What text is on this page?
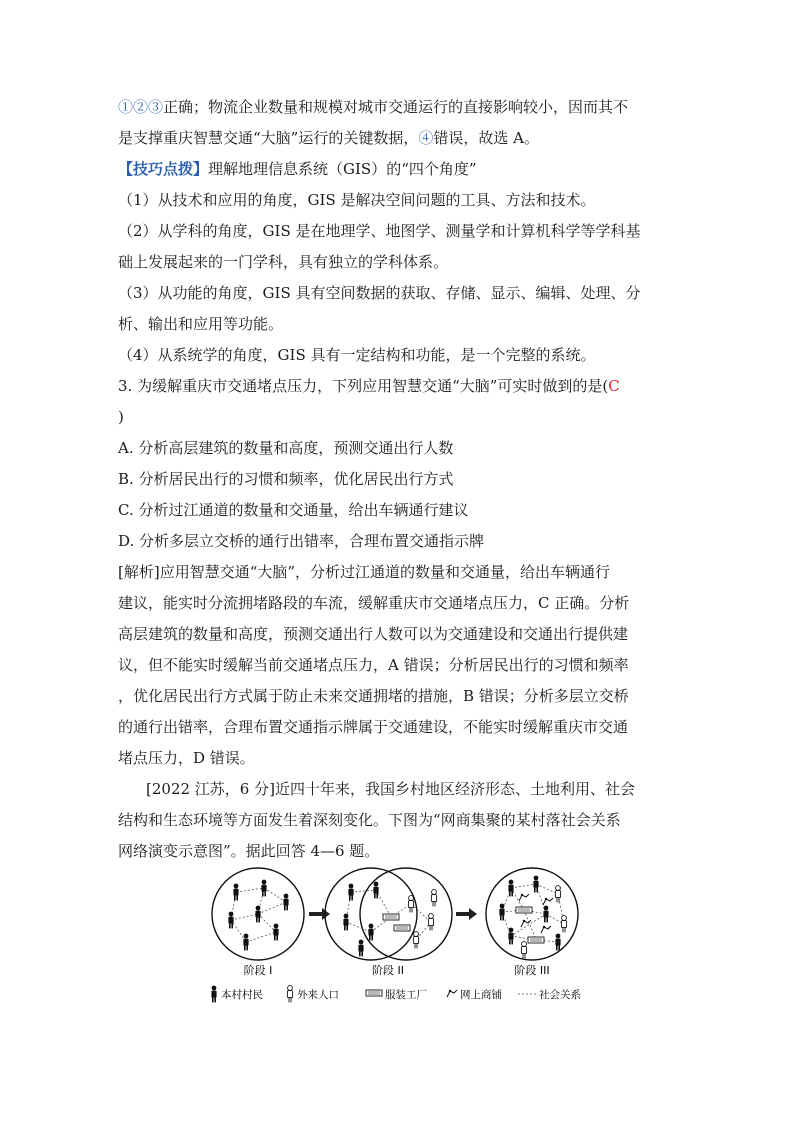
①②③正确；物流企业数量和规模对城市交通运行的直接影响较小，因而其不
是支撑重庆智慧交通“大脑”运行的关键数据，④错误，故选 A。
【技巧点拨】理解地理信息系统（GIS）的“四个角度”
（1）从技术和应用的角度，GIS 是解决空间问题的工具、方法和技术。
（2）从学科的角度，GIS 是在地理学、地图学、测量学和计算机科学等学科基
础上发展起来的一门学科，具有独立的学科体系。
（3）从功能的角度，GIS 具有空间数据的获取、存储、显示、编辑、处理、分
析、输出和应用等功能。
（4）从系统学的角度，GIS 具有一定结构和功能，是一个完整的系统。
3. 为缓解重庆市交通堵点压力，下列应用智慧交通“大脑”可实时做到的是(C
)
A. 分析高层建筑的数量和高度，预测交通出行人数
B. 分析居民出行的习惯和频率，优化居民出行方式
C. 分析过江通道的数量和交通量，给出车辆通行建议
D. 分析多层立交桥的通行出错率，合理布置交通指示牌
[解析]应用智慧交通“大脑”，分析过江通道的数量和交通量，给出车辆通行
建议，能实时分流拥堵路段的车流，缓解重庆市交通堵点压力，C 正确。分析
高层建筑的数量和高度，预测交通出行人数可以为交通建设和交通出行提供建
议，但不能实时缓解当前交通堵点压力，A 错误；分析居民出行的习惯和频率
，优化居民出行方式属于防止未来交通拥堵的措施，B 错误；分析多层立交桥
的通行出错率，合理布置交通指示牌属于交通建设，不能实时缓解重庆市交通
堵点压力，D 错误。
[2022 江苏，6 分]近四十年来，我国乡村地区经济形态、土地利用、社会
结构和生态环境等方面发生着深刻变化。下图为“网商集聚的某村落社会关系
网络演变示意图”。据此回答 4—6 题。
阶段 I	阶段 II	阶段 III
本村村民	外来人口	服装工厂	网上商铺	社会关系
